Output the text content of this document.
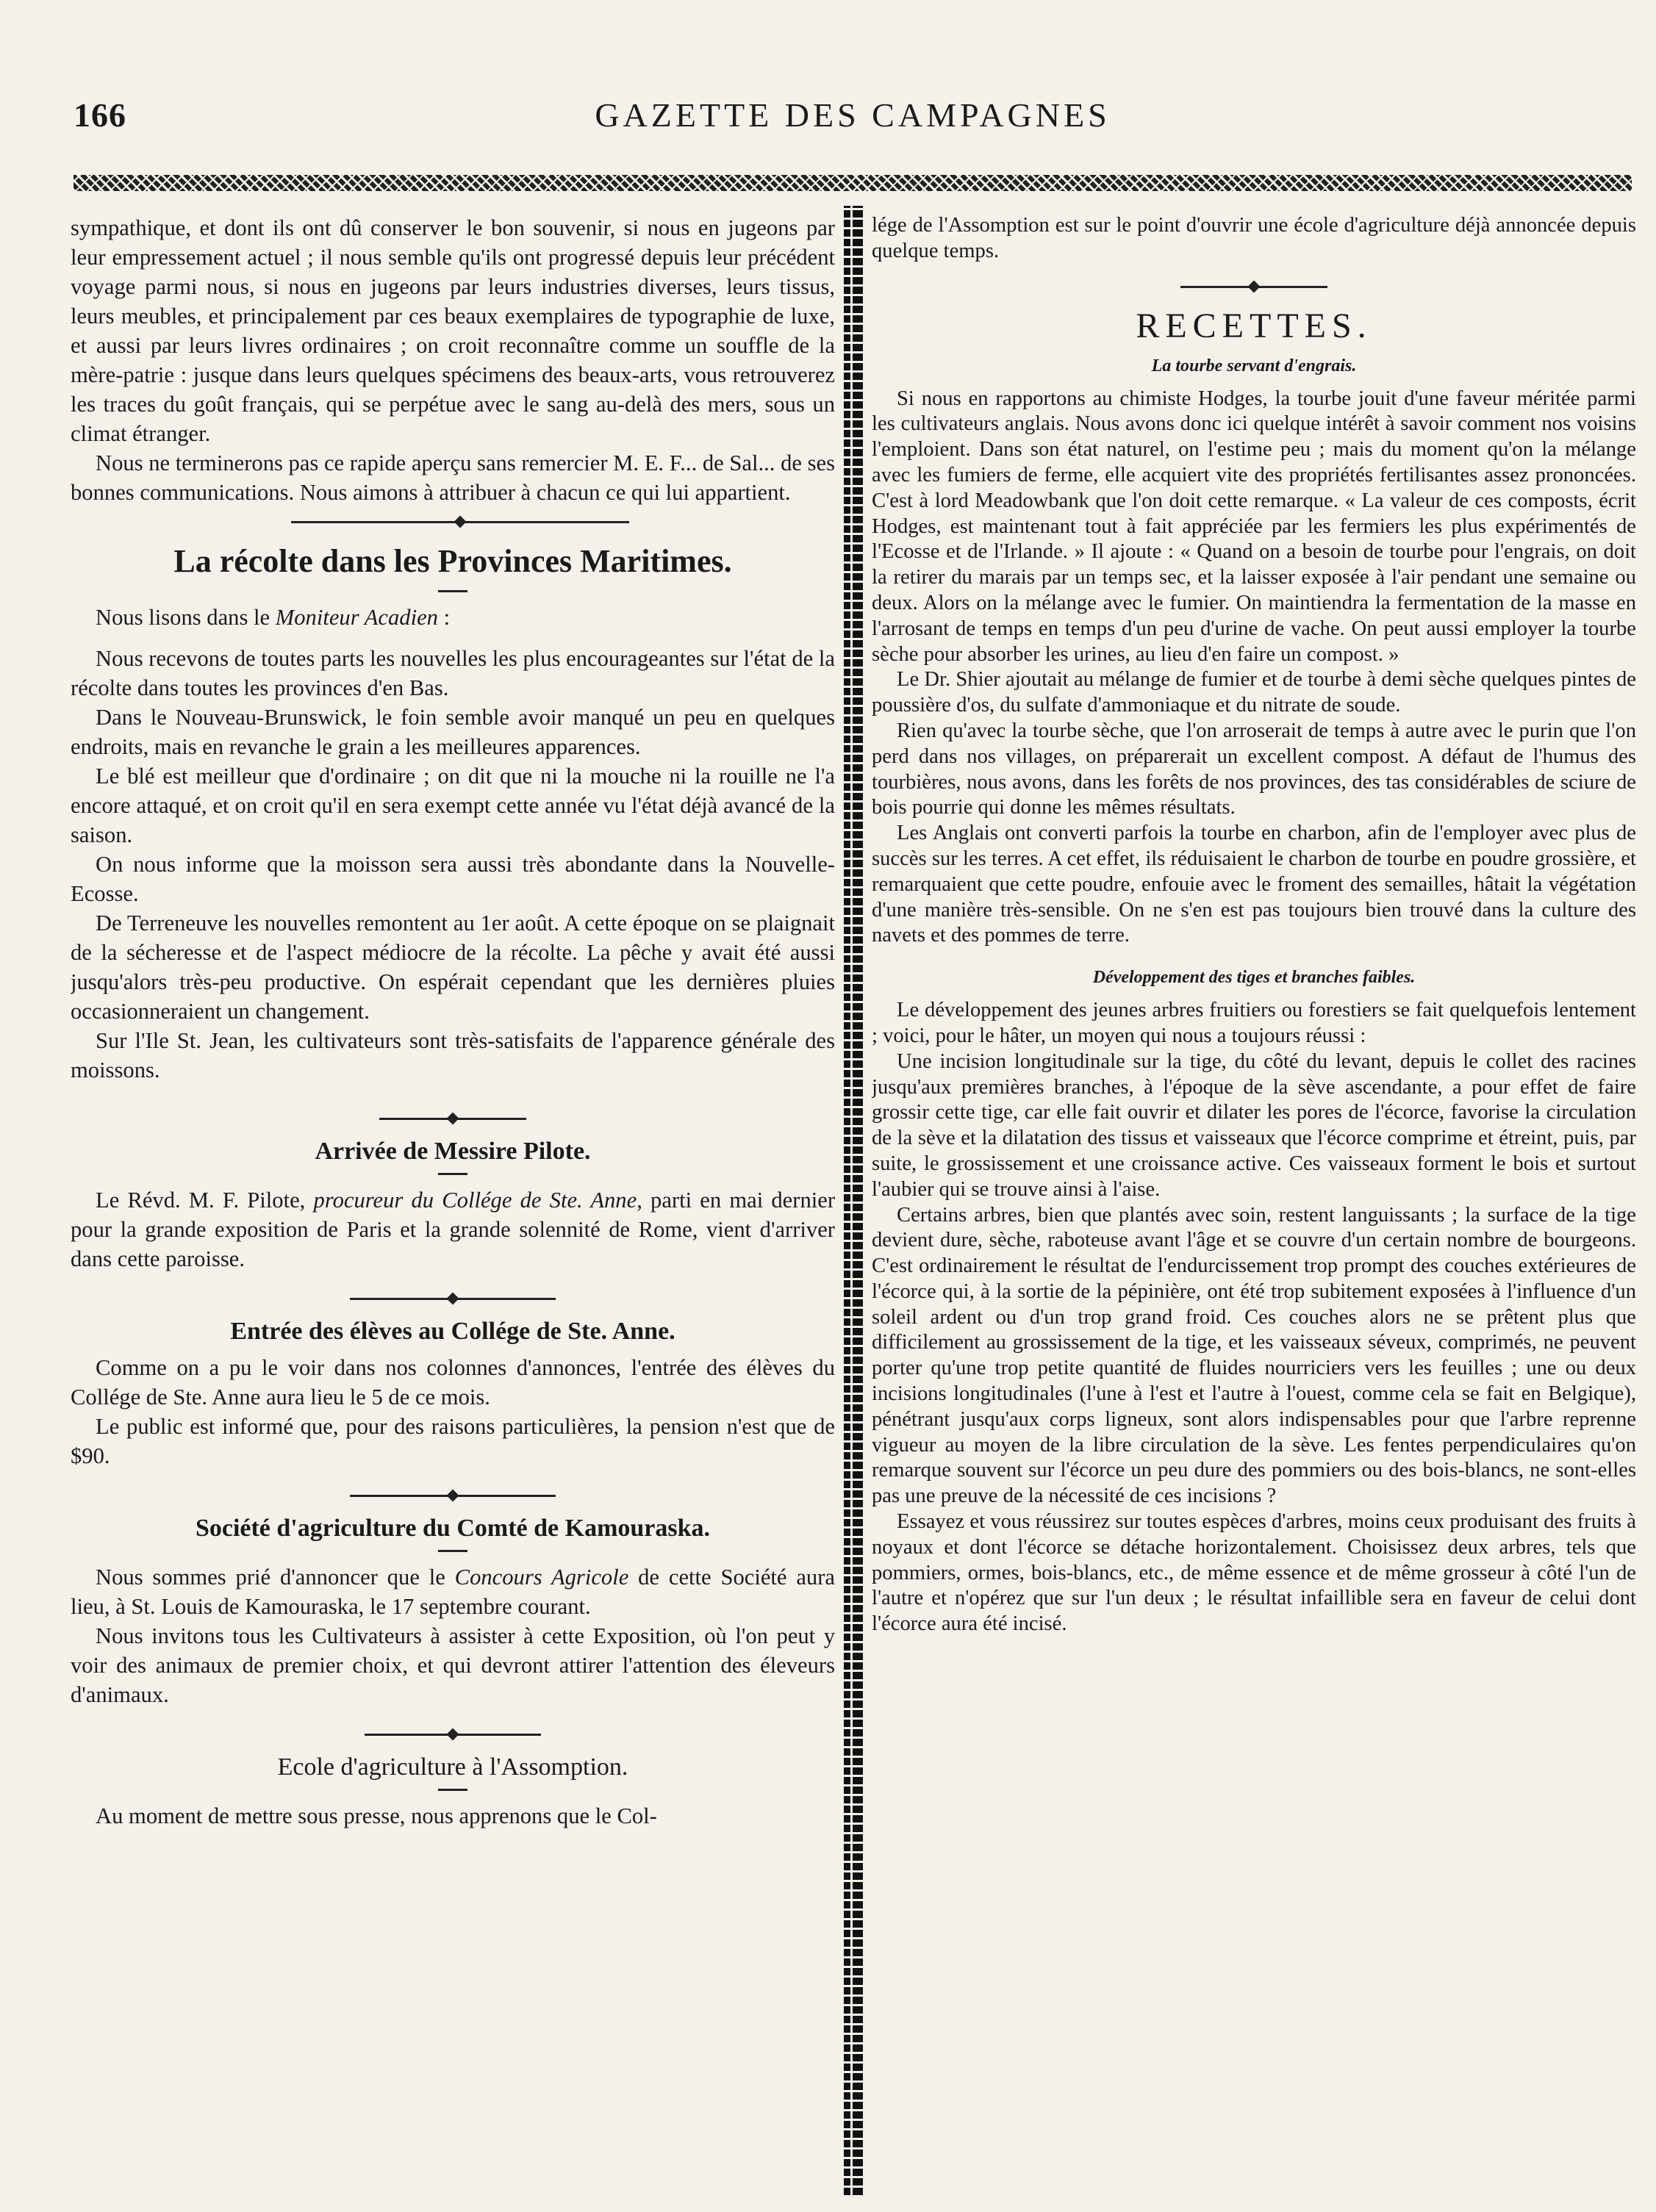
166	GAZETTE DES CAMPAGNES

sympathique, et dont ils ont dû conserver le bon souvenir, si nous en jugeons par leur empressement actuel ; il nous semble qu'ils ont progressé depuis leur précédent voyage parmi nous, si nous en jugeons par leurs industries diverses, leurs tissus, leurs meubles, et principalement par ces beaux exemplaires de typographie de luxe, et aussi par leurs livres ordinaires ; on croit reconnaître comme un souffle de la mère-patrie : jusque dans leurs quelques spécimens des beaux-arts, vous retrouverez les traces du goût français, qui se perpétue avec le sang au-delà des mers, sous un climat étranger.

Nous ne terminerons pas ce rapide aperçu sans remercier M. E. F... de Sal... de ses bonnes communications. Nous aimons à attribuer à chacun ce qui lui appartient.

La récolte dans les Provinces Maritimes.
Nous lisons dans le Moniteur Acadien :

Nous recevons de toutes parts les nouvelles les plus encourageantes sur l'état de la récolte dans toutes les provinces d'en Bas.

Dans le Nouveau-Brunswick, le foin semble avoir manqué un peu en quelques endroits, mais en revanche le grain a les meilleures apparences.

Le blé est meilleur que d'ordinaire ; on dit que ni la mouche ni la rouille ne l'a encore attaqué, et on croit qu'il en sera exempt cette année vu l'état déjà avancé de la saison.

On nous informe que la moisson sera aussi très abondante dans la Nouvelle-Ecosse.

De Terreneuve les nouvelles remontent au 1er août. A cette époque on se plaignait de la sécheresse et de l'aspect médiocre de la récolte. La pêche y avait été aussi jusqu'alors très-peu productive. On espérait cependant que les dernières pluies occasionneraient un changement.

Sur l'Ile St. Jean, les cultivateurs sont très-satisfaits de l'apparence générale des moissons.

Arrivée de Messire Pilote.

Le Révd. M. F. Pilote, procureur du Collége de Ste. Anne, parti en mai dernier pour la grande exposition de Paris et la grande solennité de Rome, vient d'arriver dans cette paroisse.

Entrée des élèves au Collége de Ste. Anne.

Comme on a pu le voir dans nos colonnes d'annonces, l'entrée des élèves du Collége de Ste. Anne aura lieu le 5 de ce mois.

Le public est informé que, pour des raisons particulières, la pension n'est que de $90.

Société d'agriculture du Comté de Kamouraska.

Nous sommes prié d'annoncer que le Concours Agricole de cette Société aura lieu, à St. Louis de Kamouraska, le 17 septembre courant.

Nous invitons tous les Cultivateurs à assister à cette Exposition, où l'on peut y voir des animaux de premier choix, et qui devront attirer l'attention des éleveurs d'animaux.

Ecole d'agriculture à l'Assomption.

Au moment de mettre sous presse, nous apprenons que le Col-

lége de l'Assomption est sur le point d'ouvrir une école d'agriculture déjà annoncée depuis quelque temps.

RECETTES.
La tourbe servant d'engrais.

Si nous en rapportons au chimiste Hodges, la tourbe jouit d'une faveur méritée parmi les cultivateurs anglais. Nous avons donc ici quelque intérêt à savoir comment nos voisins l'emploient. Dans son état naturel, on l'estime peu ; mais du moment qu'on la mélange avec les fumiers de ferme, elle acquiert vite des propriétés fertilisantes assez prononcées. C'est à lord Meadowbank que l'on doit cette remarque. « La valeur de ces composts, écrit Hodges, est maintenant tout à fait appréciée par les fermiers les plus expérimentés de l'Ecosse et de l'Irlande. » Il ajoute : « Quand on a besoin de tourbe pour l'engrais, on doit la retirer du marais par un temps sec, et la laisser exposée à l'air pendant une semaine ou deux. Alors on la mélange avec le fumier. On maintiendra la fermentation de la masse en l'arrosant de temps en temps d'un peu d'urine de vache. On peut aussi employer la tourbe sèche pour absorber les urines, au lieu d'en faire un compost. »

Le Dr. Shier ajoutait au mélange de fumier et de tourbe à demi sèche quelques pintes de poussière d'os, du sulfate d'ammoniaque et du nitrate de soude.

Rien qu'avec la tourbe sèche, que l'on arroserait de temps à autre avec le purin que l'on perd dans nos villages, on préparerait un excellent compost. A défaut de l'humus des tourbières, nous avons, dans les forêts de nos provinces, des tas considérables de sciure de bois pourrie qui donne les mêmes résultats.

Les Anglais ont converti parfois la tourbe en charbon, afin de l'employer avec plus de succès sur les terres. A cet effet, ils réduisaient le charbon de tourbe en poudre grossière, et remarquaient que cette poudre, enfouie avec le froment des semailles, hâtait la végétation d'une manière très-sensible. On ne s'en est pas toujours bien trouvé dans la culture des navets et des pommes de terre.

Développement des tiges et branches faibles.

Le développement des jeunes arbres fruitiers ou forestiers se fait quelquefois lentement ; voici, pour le hâter, un moyen qui nous a toujours réussi :

Une incision longitudinale sur la tige, du côté du levant, depuis le collet des racines jusqu'aux premières branches, à l'époque de la sève ascendante, a pour effet de faire grossir cette tige, car elle fait ouvrir et dilater les pores de l'écorce, favorise la circulation de la sève et la dilatation des tissus et vaisseaux que l'écorce comprime et étreint, puis, par suite, le grossissement et une croissance active. Ces vaisseaux forment le bois et surtout l'aubier qui se trouve ainsi à l'aise.

Certains arbres, bien que plantés avec soin, restent languissants ; la surface de la tige devient dure, sèche, raboteuse avant l'âge et se couvre d'un certain nombre de bourgeons. C'est ordinairement le résultat de l'endurcissement trop prompt des couches extérieures de l'écorce qui, à la sortie de la pépinière, ont été trop subitement exposées à l'influence d'un soleil ardent ou d'un trop grand froid. Ces couches alors ne se prêtent plus que difficilement au grossissement de la tige, et les vaisseaux séveux, comprimés, ne peuvent porter qu'une trop petite quantité de fluides nourriciers vers les feuilles ; une ou deux incisions longitudinales (l'une à l'est et l'autre à l'ouest, comme cela se fait en Belgique), pénétrant jusqu'aux corps ligneux, sont alors indispensables pour que l'arbre reprenne vigueur au moyen de la libre circulation de la sève. Les fentes perpendiculaires qu'on remarque souvent sur l'écorce un peu dure des pommiers ou des bois-blancs, ne sont-elles pas une preuve de la nécessité de ces incisions ?

Essayez et vous réussirez sur toutes espèces d'arbres, moins ceux produisant des fruits à noyaux et dont l'écorce se détache horizontalement. Choisissez deux arbres, tels que pommiers, ormes, bois-blancs, etc., de même essence et de même grosseur à côté l'un de l'autre et n'opérez que sur l'un deux ; le résultat infaillible sera en faveur de celui dont l'écorce aura été incisé.
